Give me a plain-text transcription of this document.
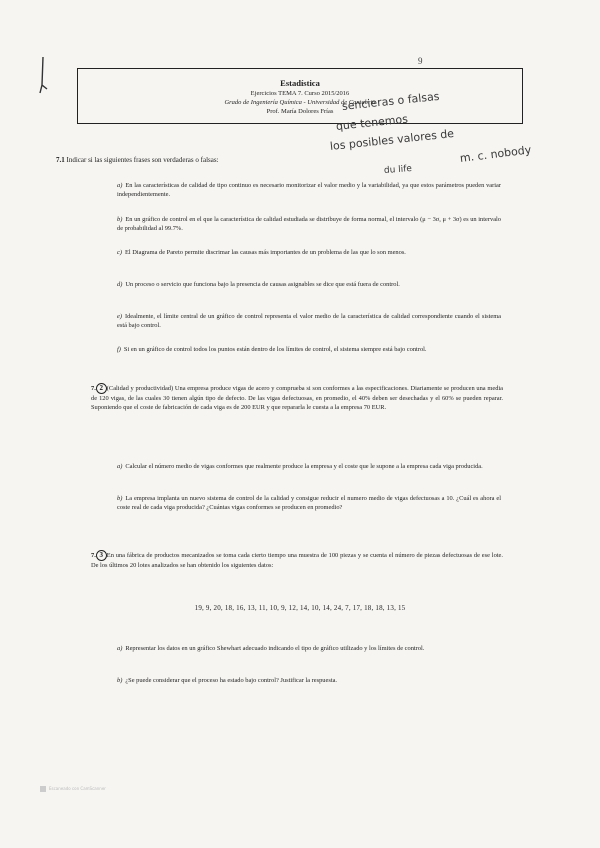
9
Estadística
Ejercicios TEMA 7. Curso 2015/2016
Grado de Ingeniería Química - Universidad de Cantabria
Prof. María Dolores Frías sencieras o falsas
que tenemos
los posibles valores de
m. c. nobody
du life
7.1 Indicar si las siguientes frases son verdaderas o falsas:
a) En las características de calidad de tipo continuo es necesario monitorizar el valor medio y la variabilidad, ya que estos parámetros pueden variar independientemente.
b) En un gráfico de control en el que la característica de calidad estudiada se distribuye de forma normal, el intervalo (μ − 3σ, μ + 3σ) es un intervalo de probabilidad al 99.7%.
c) El Diagrama de Pareto permite discrimar las causas más importantes de un problema de las que lo son menos.
d) Un proceso o servicio que funciona bajo la presencia de causas asignables se dice que está fuera de control.
e) Idealmente, el límite central de un gráfico de control representa el valor medio de la característica de calidad correspondiente cuando el sistema está bajo control.
f) Si en un gráfico de control todos los puntos están dentro de los límites de control, el sistema siempre está bajo control.
7. 2 (Calidad y productividad) Una empresa produce vigas de acero y comprueba si son conformes a las especificaciones. Diariamente se producen una media de 120 vigas, de las cuales 30 tienen algún tipo de defecto. De las vigas defectuosas, en promedio, el 40% deben ser desechadas y el 60% se pueden reparar. Suponiendo que el coste de fabricación de cada viga es de 200 EUR y que repararla le cuesta a la empresa 70 EUR.
a) Calcular el número medio de vigas conformes que realmente produce la empresa y el coste que le supone a la empresa cada viga producida.
b) La empresa implanta un nuevo sistema de control de la calidad y consigue reducir el numero medio de vigas defectuosas a 10. ¿Cuál es ahora el coste real de cada viga producida? ¿Cuántas vigas conformes se producen en promedio?
7. 3 En una fábrica de productos mecanizados se toma cada cierto tiempo una muestra de 100 piezas y se cuenta el número de piezas defectuosas de ese lote. De los últimos 20 lotes analizados se han obtenido los siguientes datos:
19, 9, 20, 18, 16, 13, 11, 10, 9, 12, 14, 10, 14, 24, 7, 17, 18, 18, 13, 15
a) Representar los datos en un gráfico Shewhart adecuado indicando el tipo de gráfico utilizado y los límites de control.
b) ¿Se puede considerar que el proceso ha estado bajo control? Justificar la respuesta.
Escaneado con CamScanner
